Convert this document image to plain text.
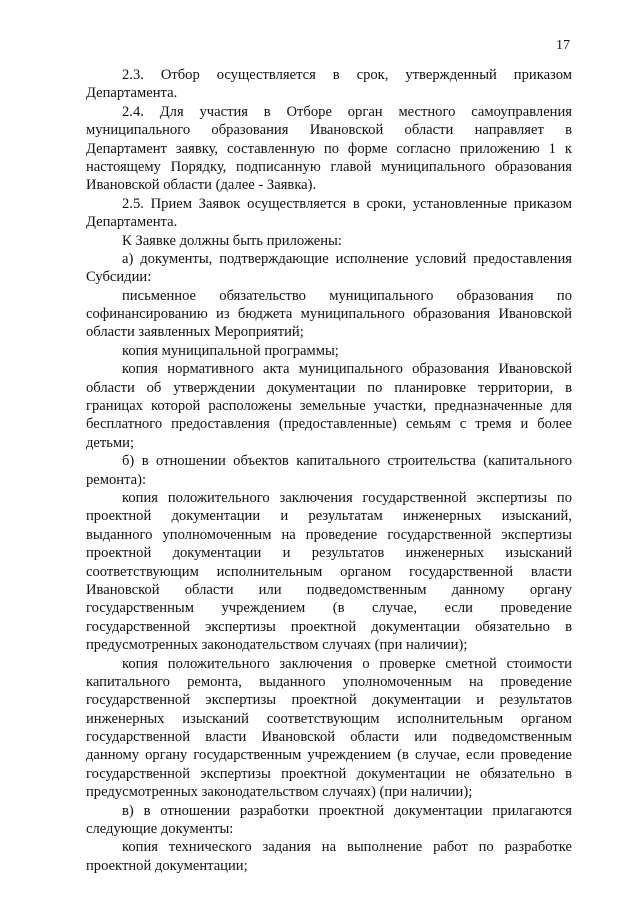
17
2.3. Отбор осуществляется в срок, утвержденный приказом
Департамента.
2.4. Для участия в Отборе орган местного самоуправления
муниципального образования Ивановской области направляет в
Департамент заявку, составленную по форме согласно приложению 1 к
настоящему Порядку, подписанную главой муниципального образования
Ивановской области (далее - Заявка).
2.5. Прием Заявок осуществляется в сроки, установленные приказом
Департамента.
К Заявке должны быть приложены:
а) документы, подтверждающие исполнение условий предоставления
Субсидии:
письменное обязательство муниципального образования по
софинансированию из бюджета муниципального образования Ивановской
области заявленных Мероприятий;
копия муниципальной программы;
копия нормативного акта муниципального образования Ивановской
области об утверждении документации по планировке территории, в
границах которой расположены земельные участки, предназначенные для
бесплатного предоставления (предоставленные) семьям с тремя и более
детьми;
б) в отношении объектов капитального строительства (капитального
ремонта):
копия положительного заключения государственной экспертизы по
проектной документации и результатам инженерных изысканий,
выданного уполномоченным на проведение государственной экспертизы
проектной документации и результатов инженерных изысканий
соответствующим исполнительным органом государственной власти
Ивановской области или подведомственным данному органу
государственным учреждением (в случае, если проведение
государственной экспертизы проектной документации обязательно в
предусмотренных законодательством случаях (при наличии);
копия положительного заключения о проверке сметной стоимости
капитального ремонта, выданного уполномоченным на проведение
государственной экспертизы проектной документации и результатов
инженерных изысканий соответствующим исполнительным органом
государственной власти Ивановской области или подведомственным
данному органу государственным учреждением (в случае, если проведение
государственной экспертизы проектной документации не обязательно в
предусмотренных законодательством случаях) (при наличии);
в) в отношении разработки проектной документации прилагаются
следующие документы:
копия технического задания на выполнение работ по разработке
проектной документации;
